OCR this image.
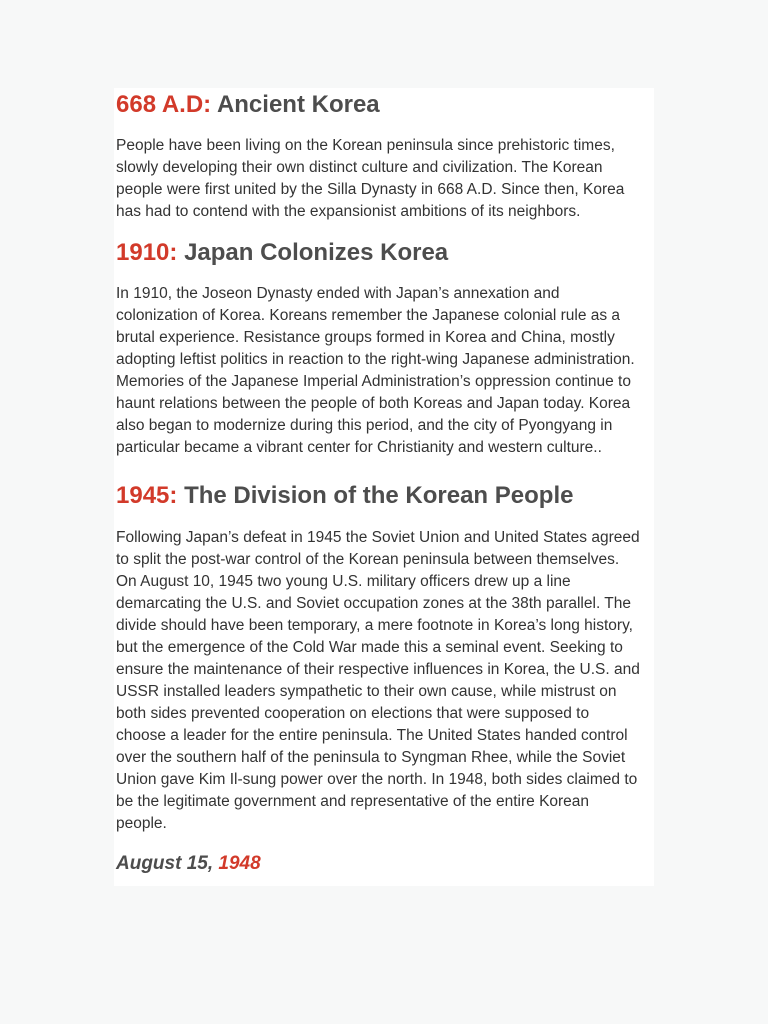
668 A.D: Ancient Korea

People have been living on the Korean peninsula since prehistoric times,
slowly developing their own distinct culture and civilization. The Korean
people were first united by the Silla Dynasty in 668 A.D. Since then, Korea
has had to contend with the expansionist ambitions of its neighbors.

1910: Japan Colonizes Korea

In 1910, the Joseon Dynasty ended with Japan’s annexation and
colonization of Korea. Koreans remember the Japanese colonial rule as a
brutal experience. Resistance groups formed in Korea and China, mostly
adopting leftist politics in reaction to the right-wing Japanese administration.
Memories of the Japanese Imperial Administration’s oppression continue to
haunt relations between the people of both Koreas and Japan today. Korea
also began to modernize during this period, and the city of Pyongyang in
particular became a vibrant center for Christianity and western culture..

1945: The Division of the Korean People

Following Japan’s defeat in 1945 the Soviet Union and United States agreed
to split the post-war control of the Korean peninsula between themselves.
On August 10, 1945 two young U.S. military officers drew up a line
demarcating the U.S. and Soviet occupation zones at the 38th parallel. The
divide should have been temporary, a mere footnote in Korea’s long history,
but the emergence of the Cold War made this a seminal event. Seeking to
ensure the maintenance of their respective influences in Korea, the U.S. and
USSR installed leaders sympathetic to their own cause, while mistrust on
both sides prevented cooperation on elections that were supposed to
choose a leader for the entire peninsula. The United States handed control
over the southern half of the peninsula to Syngman Rhee, while the Soviet
Union gave Kim Il-sung power over the north. In 1948, both sides claimed to
be the legitimate government and representative of the entire Korean
people.

August 15, 1948
